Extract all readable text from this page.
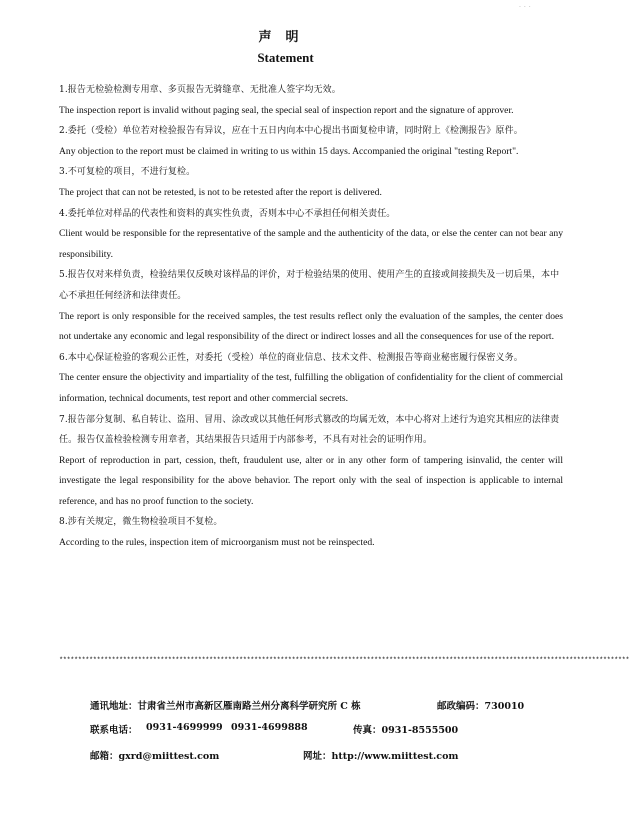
· · ·
声明
Statement

1.报告无检验检测专用章、多页报告无骑缝章、无批准人签字均无效。

The inspection report is invalid without paging seal, the special seal of inspection report and the signature of approver.

2.委托（受检）单位若对检验报告有异议，应在十五日内向本中心提出书面复检申请，同时附上《检测报告》原件。

Any objection to the report must be claimed in writing to us within 15 days. Accompanied the original "testing Report".

3.不可复检的项目，不进行复检。

The project that can not be retested, is not to be retested after the report is delivered.

4.委托单位对样品的代表性和资料的真实性负责，否则本中心不承担任何相关责任。

Client would be responsible for the representative of the sample and the authenticity of the data, or else the center can not bear any responsibility.

5.报告仅对来样负责，检验结果仅反映对该样品的评价，对于检验结果的使用、使用产生的直接或间接损失及一切后果，本中心不承担任何经济和法律责任。

The report is only responsible for the received samples, the test results reflect only the evaluation of the samples, the center does not undertake any economic and legal responsibility of the direct or indirect losses and all the consequences for use of the report.

6.本中心保证检验的客观公正性，对委托（受检）单位的商业信息、技术文件、检测报告等商业秘密履行保密义务。

The center ensure the objectivity and impartiality of the test, fulfilling the obligation of confidentiality for the client of commercial information, technical documents, test report and other commercial secrets.

7.报告部分复制、私自转让、盗用、冒用、涂改或以其他任何形式篡改的均属无效，本中心将对上述行为追究其相应的法律责任。报告仅盖检验检测专用章者，其结果报告只适用于内部参考，不具有对社会的证明作用。

Report of reproduction in part, cession, theft, fraudulent use, alter or in any other form of tampering isinvalid, the center will investigate the legal responsibility for the above behavior. The report only with the seal of inspection is applicable to internal reference, and has no proof function to the society.

8.涉有关规定，微生物检验项目不复检。

According to the rules, inspection item of microorganism must not be reinspected.

********************************************************************************************************************************************************
通讯地址：甘肃省兰州市高新区雁南路兰州分离科学研究所 C 栋	邮政编码：730010
联系电话： 0931-4699999 0931-4699888	传真：0931-8555500
邮箱：gxrd@miittest.com	网址：http://www.miittest.com
